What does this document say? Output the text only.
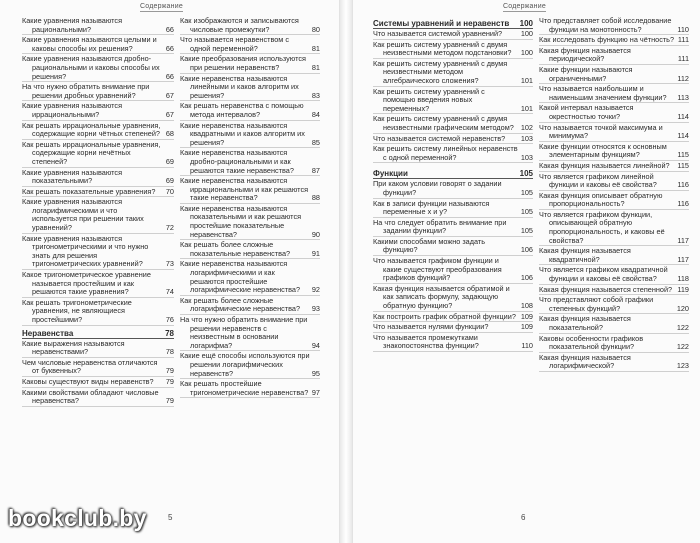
Содержание
Какие уравнения называются рациональными?	66
Какие уравнения называются целыми и каковы способы их решения?	66
Какие уравнения называются дробно-рациональными и каковы способы их решения?	66
На что нужно обратить внимание при решении дробных уравнений?	67
Какие уравнения называются иррациональными?	67
Как решать иррациональные уравнения, содержащие корни чётных степеней? 68
Как решать иррациональные уравнения, содержащие корни нечётных степеней?	69
Какие уравнения называются показательными?	69
Как решать показательные уравнения?	70
Какие уравнения называются логарифмическими и что используется при решении таких уравнений?	72
Какие уравнения называются тригонометрическими и что нужно знать для решения тригонометрических уравнений?	73
Какое тригонометрическое уравнение называется простейшим и как решаются такие уравнения?	74
Как решать тригонометрические уравнения, не являющиеся простейшими?	76
Неравенства	78
Какие выражения называются неравенствами?	78
Чем числовые неравенства отличаются от буквенных?	79
Каковы существуют виды неравенств?	79
Какими свойствами обладают числовые неравенства?	79
Как изображаются и записываются числовые промежутки?	80
Что называется неравенством с одной переменной?	81
Какие преобразования используются при решении неравенств?	81
Какие неравенства называются линейными и каков алгоритм их решения?	83
Как решать неравенства с помощью метода интервалов?	84
Какие неравенства называются квадратными и каков алгоритм их решения?	85
Какие неравенства называются дробно-рациональными и как решаются такие неравенства?	87
Какие неравенства называются иррациональными и как решаются такие неравенства?	88
Какие неравенства называются показательными и как решаются простейшие показательные неравенства?	90
Как решать более сложные показательные неравенства?	91
Какие неравенства называются логарифмическими и как решаются простейшие логарифмические неравенства?	92
Как решать более сложные логарифмические неравенства?	93
На что нужно обратить внимание при решении неравенств с неизвестным в основании логарифма?	94
Какие ещё способы используются при решении логарифмических неравенств?	95
Как решать простейшие тригонометрические неравенства? 97
5
Содержание
Системы уравнений и неравенств	100
Что называется системой уравнений?	100
Как решить систему уравнений с двумя неизвестными методом подстановки?	100
Как решить систему уравнений с двумя неизвестными методом алгебраического сложения?	101
Как решить систему уравнений с помощью введения новых переменных?	101
Как решить систему уравнений с двумя неизвестными графическим методом? 102
Что называется системой неравенств?	103
Как решить систему линейных неравенств с одной переменной?	103
Функции	105
При каком условии говорят о задании функции?	105
Как в записи функции называются переменные x и y?	105
На что следует обратить внимание при задании функции?	105
Какими способами можно задать функцию?	106
Что называется графиком функции и какие существуют преобразования графиков функций?	106
Какая функция называется обратимой и как записать формулу, задающую обратную функцию?	108
Как построить график обратной функции? 109
Что называется нулями функции?	109
Что называется промежутками знакопостоянства функции?	110
Что представляет собой исследование функции на монотонность?	110
Как исследовать функцию на чётность? 111
Какая функция называется периодической?	111
Какие функции называются ограниченными?	112
Что называется наибольшим и наименьшим значением функции?	113
Какой интервал называется окрестностью точки?	114
Что называется точкой максимума и минимума?	114
Какие функции относятся к основным элементарным функциям?	115
Какая функция называется линейной?	115
Что является графиком линейной функции и каковы её свойства?	116
Какая функция описывает обратную пропорциональность?	116
Что является графиком функции, описывающей обратную пропорциональность, и каковы её свойства?	117
Какая функция называется квадратичной?	117
Что является графиком квадратичной функции и каковы её свойства?	118
Какая функция называется степенной? 119
Что представляют собой графики степенных функций?	120
Какая функция называется показательной?	122
Каковы особенности графиков показательной функции?	122
Какая функция называется логарифмической?	123
6
bookclub.by
